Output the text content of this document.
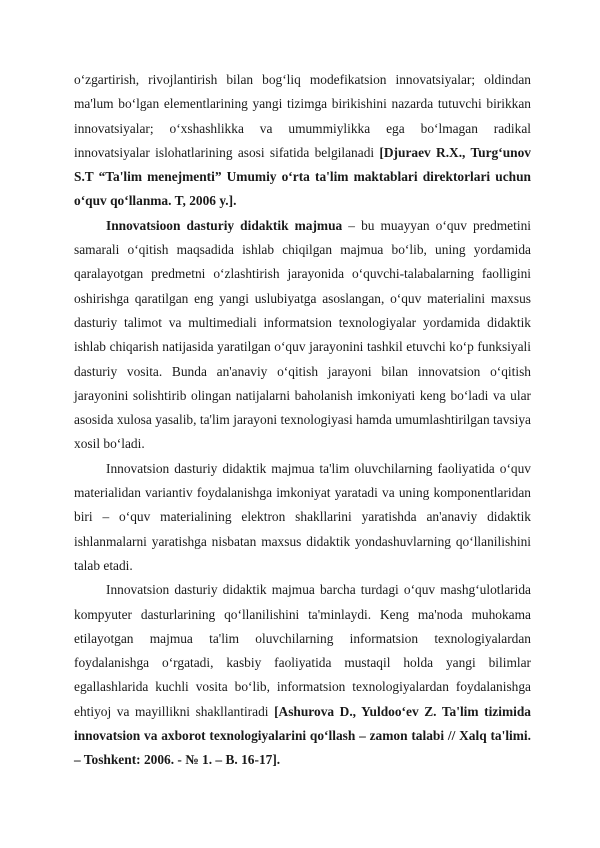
o‘zgartirish, rivojlantirish bilan bog‘liq modefikatsion innovatsiyalar; oldindan ma'lum bo‘lgan elementlarining yangi tizimga birikishini nazarda tutuvchi birikkan innovatsiyalar; o‘xshashlikka va umummiylikka ega bo‘lmagan radikal innovatsiyalar islohatlarining asosi sifatida belgilanadi [Djuraev R.X., Turg‘unov S.T “Ta'lim menejmenti” Umumiy o‘rta ta'lim maktablari direktorlari uchun o‘quv qo‘llanma. T, 2006 y.].

Innovatsioon dasturiy didaktik majmua – bu muayyan o‘quv predmetini samarali o‘qitish maqsadida ishlab chiqilgan majmua bo‘lib, uning yordamida qaralayotgan predmetni o‘zlashtirish jarayonida o‘quvchi-talabalarning faolligini oshirishga qaratilgan eng yangi uslubiyatga asoslangan, o‘quv materialini maxsus dasturiy talimot va multimediali informatsion texnologiyalar yordamida didaktik ishlab chiqarish natijasida yaratilgan o‘quv jarayonini tashkil etuvchi ko‘p funksiyali dasturiy vosita. Bunda an'anaviy o‘qitish jarayoni bilan innovatsion o‘qitish jarayonini solishtirib olingan natijalarni baholanish imkoniyati keng bo‘ladi va ular asosida xulosa yasalib, ta'lim jarayoni texnologiyasi hamda umumlashtirilgan tavsiya xosil bo‘ladi.

Innovatsion dasturiy didaktik majmua ta'lim oluvchilarning faoliyatida o‘quv materialidan variantiv foydalanishga imkoniyat yaratadi va uning komponentlaridan biri – o‘quv materialining elektron shakllarini yaratishda an'anaviy didaktik ishlanmalarni yaratishga nisbatan maxsus didaktik yondashuvlarning qo‘llanilishini talab etadi.

Innovatsion dasturiy didaktik majmua barcha turdagi o‘quv mashg‘ulotlarida kompyuter dasturlarining qo‘llanilishini ta'minlaydi. Keng ma'noda muhokama etilayotgan majmua ta'lim oluvchilarning informatsion texnologiyalardan foydalanishga o‘rgatadi, kasbiy faoliyatida mustaqil holda yangi bilimlar egallashlarida kuchli vosita bo‘lib, informatsion texnologiyalardan foydalanishga ehtiyoj va mayillikni shakllantiradi [Ashurova D., Yuldoo‘ev Z. Ta'lim tizimida innovatsion va axborot texnologiyalarini qo‘llash – zamon talabi // Xalq ta'limi. – Toshkent: 2006. - № 1. – B. 16-17].
